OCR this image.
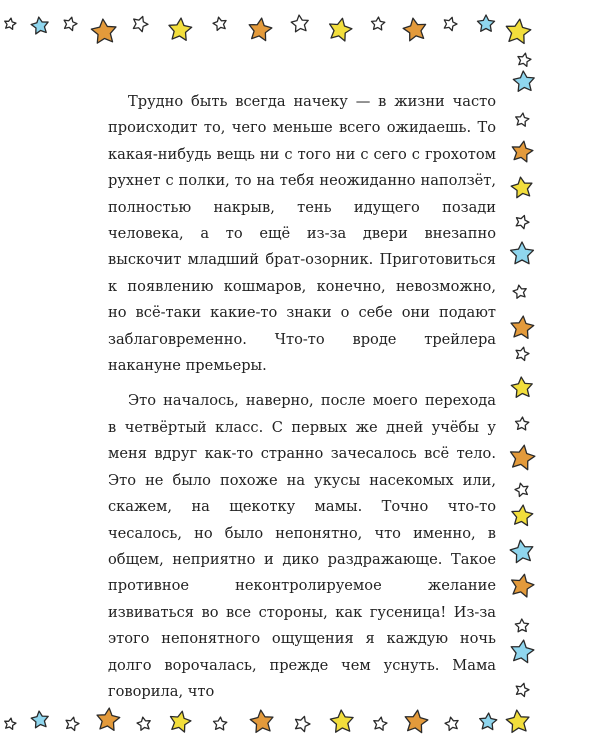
Трудно быть всегда начеку — в жизни часто происходит то, чего меньше всего ожидаешь. То какая-нибудь вещь ни с того ни с сего с грохотом рухнет с полки, то на тебя неожиданно наползёт, полностью накрыв, тень идущего позади человека, а то ещё из-за двери внезапно выскочит младший брат-озорник. Приготовиться к появлению кошмаров, конечно, невозможно, но всё-таки какие-то знаки о себе они подают заблаговременно. Что-то вроде трейлера накануне премьеры.

Это началось, наверно, после моего перехода в четвёртый класс. С первых же дней учёбы у меня вдруг как-то странно зачесалось всё тело. Это не было похоже на укусы насекомых или, скажем, на щекотку мамы. Точно что-то чесалось, но было непонятно, что именно, в общем, неприятно и дико раздражающе. Такое противное неконтролируемое желание извиваться во все стороны, как гусеница! Из-за этого непонятного ощущения я каждую ночь долго ворочалась, прежде чем уснуть. Мама говорила, что
